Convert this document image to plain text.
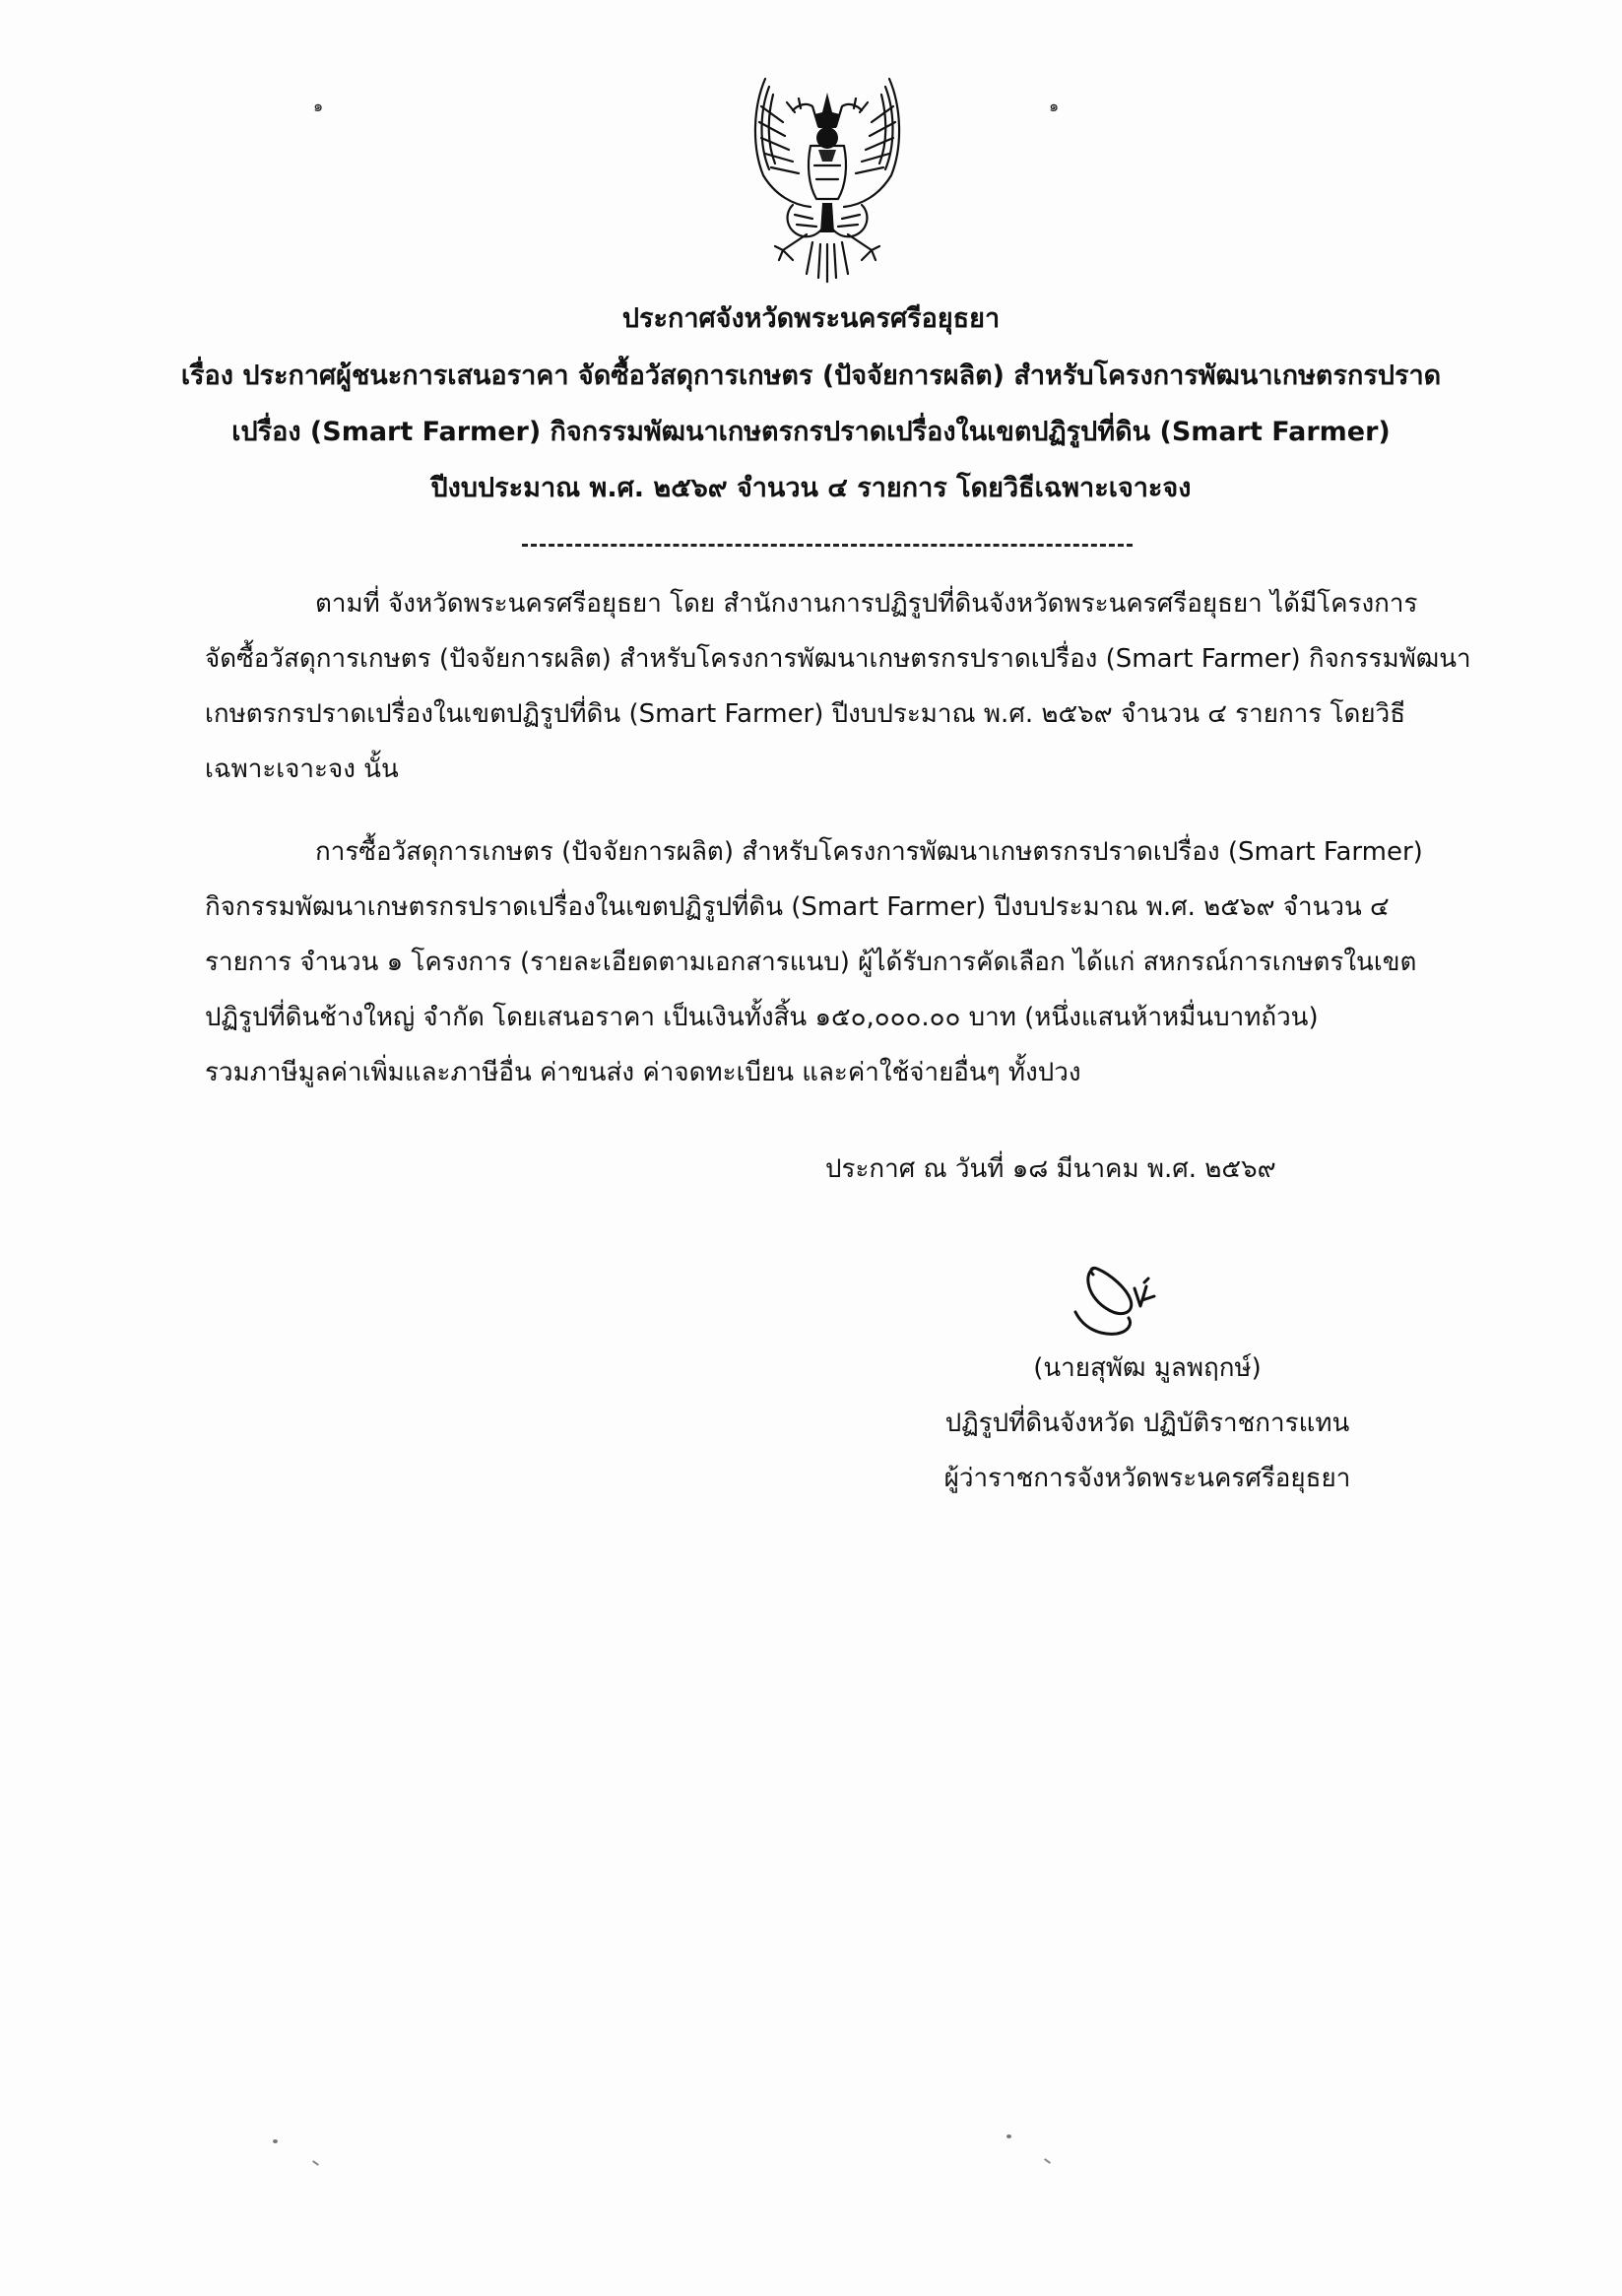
๑	๑
ประกาศจังหวัดพระนครศรีอยุธยา
เรื่อง ประกาศผู้ชนะการเสนอราคา จัดซื้อวัสดุการเกษตร (ปัจจัยการผลิต) สำหรับโครงการพัฒนาเกษตรกรปราด
เปรื่อง (Smart Farmer) กิจกรรมพัฒนาเกษตรกรปราดเปรื่องในเขตปฏิรูปที่ดิน (Smart Farmer)
ปีงบประมาณ พ.ศ. ๒๕๖๙ จำนวน ๔ รายการ โดยวิธีเฉพาะเจาะจง
ตามที่ จังหวัดพระนครศรีอยุธยา โดย สำนักงานการปฏิรูปที่ดินจังหวัดพระนครศรีอยุธยา ได้มีโครงการ
จัดซื้อวัสดุการเกษตร (ปัจจัยการผลิต) สำหรับโครงการพัฒนาเกษตรกรปราดเปรื่อง (Smart Farmer) กิจกรรมพัฒนา
เกษตรกรปราดเปรื่องในเขตปฏิรูปที่ดิน (Smart Farmer) ปีงบประมาณ พ.ศ. ๒๕๖๙ จำนวน ๔ รายการ โดยวิธี
เฉพาะเจาะจง นั้น
การซื้อวัสดุการเกษตร (ปัจจัยการผลิต) สำหรับโครงการพัฒนาเกษตรกรปราดเปรื่อง (Smart Farmer)
กิจกรรมพัฒนาเกษตรกรปราดเปรื่องในเขตปฏิรูปที่ดิน (Smart Farmer) ปีงบประมาณ พ.ศ. ๒๕๖๙ จำนวน ๔
รายการ จำนวน ๑ โครงการ (รายละเอียดตามเอกสารแนบ) ผู้ได้รับการคัดเลือก ได้แก่ สหกรณ์การเกษตรในเขต
ปฏิรูปที่ดินช้างใหญ่ จำกัด โดยเสนอราคา เป็นเงินทั้งสิ้น ๑๕๐,๐๐๐.๐๐ บาท (หนึ่งแสนห้าหมื่นบาทถ้วน)
รวมภาษีมูลค่าเพิ่มและภาษีอื่น ค่าขนส่ง ค่าจดทะเบียน และค่าใช้จ่ายอื่นๆ ทั้งปวง
ประกาศ ณ วันที่ ๑๘ มีนาคม พ.ศ. ๒๕๖๙
(นายสุพัฒ มูลพฤกษ์)
ปฏิรูปที่ดินจังหวัด ปฏิบัติราชการแทน
ผู้ว่าราชการจังหวัดพระนครศรีอยุธยา
